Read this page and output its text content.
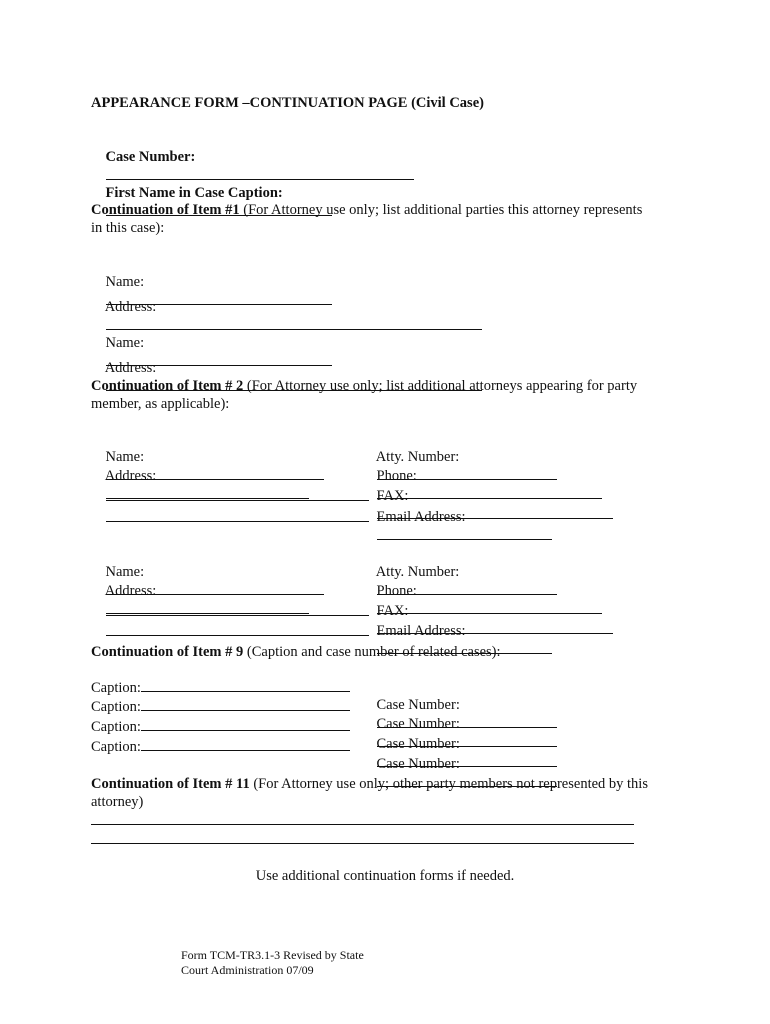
APPEARANCE FORM –CONTINUATION PAGE (Civil Case)

Case Number:

First Name in Case Caption:

Continuation of Item #1 (For Attorney use only; list additional parties this attorney represents
in this case):

Name:

Address:

Name:

Address:

Continuation of Item # 2 (For Attorney use only; list additional attorneys appearing for party
member, as applicable):

Name:

	Atty. Number:

Address:

	Phone:

FAX:

Email Address:

Name:

	Atty. Number:

Address:

	Phone:

FAX:

Email Address:

Continuation of Item # 9 (Caption and case number of related cases):
Caption:

Case Number:

Caption:

Case Number:

Caption:

Case Number:

Caption:

Case Number:

Continuation of Item # 11 (For Attorney use only; other party members not represented by this
attorney)
Use additional continuation forms if needed.
Form TCM-TR3.1-3 Revised by State
Court Administration 07/09
